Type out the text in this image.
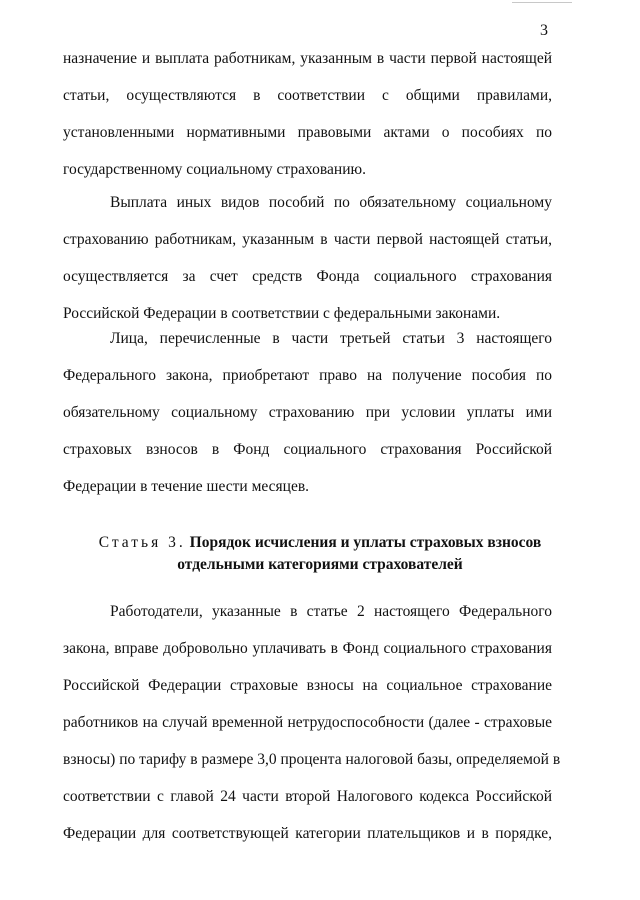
3
назначение и выплата работникам, указанным в части первой настоящей
статьи, осуществляются в соответствии с общими правилами,
установленными нормативными правовыми актами о пособиях по
государственному социальному страхованию.
Выплата иных видов пособий по обязательному социальному
страхованию работникам, указанным в части первой настоящей статьи,
осуществляется за счет средств Фонда социального страхования
Российской Федерации в соответствии с федеральными законами.
Лица, перечисленные в части третьей статьи 3 настоящего
Федерального закона, приобретают право на получение пособия по
обязательному социальному страхованию при условии уплаты ими
страховых взносов в Фонд социального страхования Российской
Федерации в течение шести месяцев.
Статья 3. Порядок исчисления и уплаты страховых взносов
отдельными категориями страхователей
Работодатели, указанные в статье 2 настоящего Федерального
закона, вправе добровольно уплачивать в Фонд социального страхования
Российской Федерации страховые взносы на социальное страхование
работников на случай временной нетрудоспособности (далее - страховые
взносы) по тарифу в размере 3,0 процента налоговой базы, определяемой в
соответствии с главой 24 части второй Налогового кодекса Российской
Федерации для соответствующей категории плательщиков и в порядке,
